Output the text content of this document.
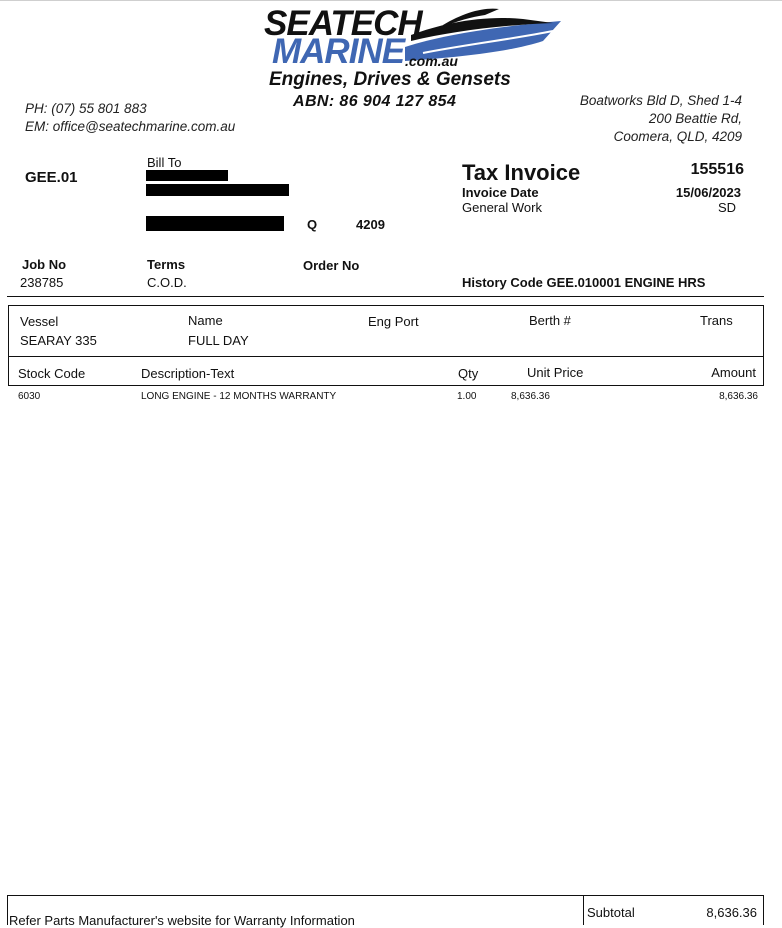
SEATECH
MARINE .com.au
Engines, Drives & Gensets
ABN: 86 904 127 854
PH: (07) 55 801 883
EM: office@seatechmarine.com.au
Boatworks Bld D, Shed 1-4
200 Beattie Rd,
Coomera, QLD, 4209
GEE.01
Bill To
Q	4209
Tax Invoice	155516
Invoice Date	15/06/2023
General Work	SD
Job No
238785
Terms
C.O.D.
Order No
History Code GEE.010001 ENGINE HRS
Vessel
SEARAY 335
Name
FULL DAY
Eng Port	Berth #	Trans
Stock Code	Description-Text	Qty	Unit Price	Amount
6030	LONG ENGINE - 12 MONTHS WARRANTY	1.00	8,636.36	8,636.36
Refer Parts Manufacturer's website for Warranty Information
Subtotal	8,636.36
